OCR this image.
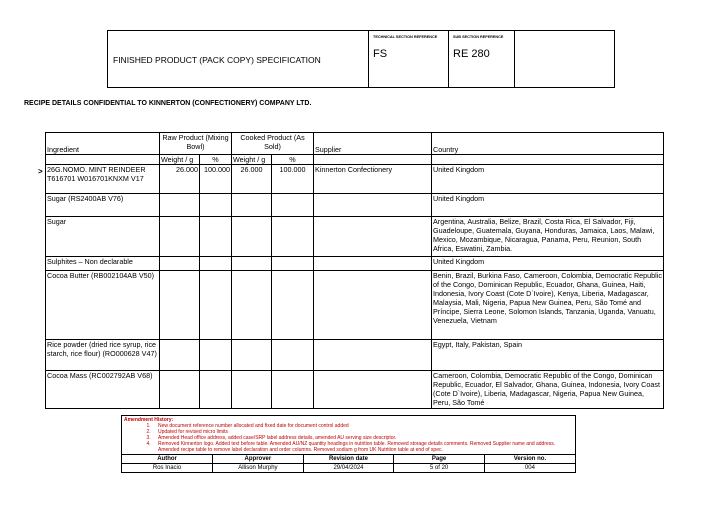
FINISHED PRODUCT (PACK COPY) SPECIFICATION
TECHNICAL SECTION REFERENCE
FS
SUB SECTION REFERENCE
RE 280
RECIPE DETAILS CONFIDENTIAL TO KINNERTON (CONFECTIONERY) COMPANY LTD.
>
Ingredient	Raw Product (Mixing Bowl)		Cooked Product (As Sold)		Supplier	Country
	Weight / g	%	Weight / g	%		
26G.NOMO. MINT REINDEER T616701 W016701KNXM V17	26.000	100.000	26.000	100.000	Kinnerton Confectionery	United Kingdom
Sugar (RS2400AB V76)						United Kingdom
Sugar						Argentina, Australia, Belize, Brazil, Costa Rica, El Salvador, Fiji, Guadeloupe, Guatemala, Guyana, Honduras, Jamaica, Laos, Malawi, Mexico, Mozambique, Nicaragua, Panama, Peru, Reunion, South Africa, Eswatini, Zambia.
Sulphites – Non declarable						United Kingdom
Cocoa Butter (RB002104AB V50)						Benin, Brazil, Burkina Faso, Cameroon, Colombia, Democratic Republic of the Congo, Dominican Republic, Ecuador, Ghana, Guinea, Haiti, Indonesia, Ivory Coast (Cote D`Ivoire), Kenya, Liberia, Madagascar, Malaysia, Mali, Nigeria, Papua New Guinea, Peru, São Tomé and Príncipe, Sierra Leone, Solomon Islands, Tanzania, Uganda, Vanuatu, Venezuela, Vietnam
Rice powder (dried rice syrup, rice starch, rice flour) (RO000628 V47)						Egypt, Italy, Pakistan, Spain
Cocoa Mass (RC002792AB V68)						Cameroon, Colombia, Democratic Republic of the Congo, Dominican Republic, Ecuador, El Salvador, Ghana, Guinea, Indonesia, Ivory Coast (Cote D`Ivoire), Liberia, Madagascar, Nigeria, Papua New Guinea, Peru, São Tomé
Amendment History:
1. New document reference number allocated and fixed date for document control added
2. Updated for revised micro limits
3. Amended Head office address, added case/SRP label address details, amended AU serving size descriptor.
4. Removed Kinnerton logo. Added text before table. Amended AU/NZ quantity headings in nutrition table. Removed storage details comments. Removed Supplier name and address. Amended recipe table to remove label declaration and order columns. Removed sodium g from UK Nutrition table at end of spec.
Author	Approver	Revision date	Page	Version no.
Ros Inacio	Allison Murphy	29/04/2024	5 of 20	004
